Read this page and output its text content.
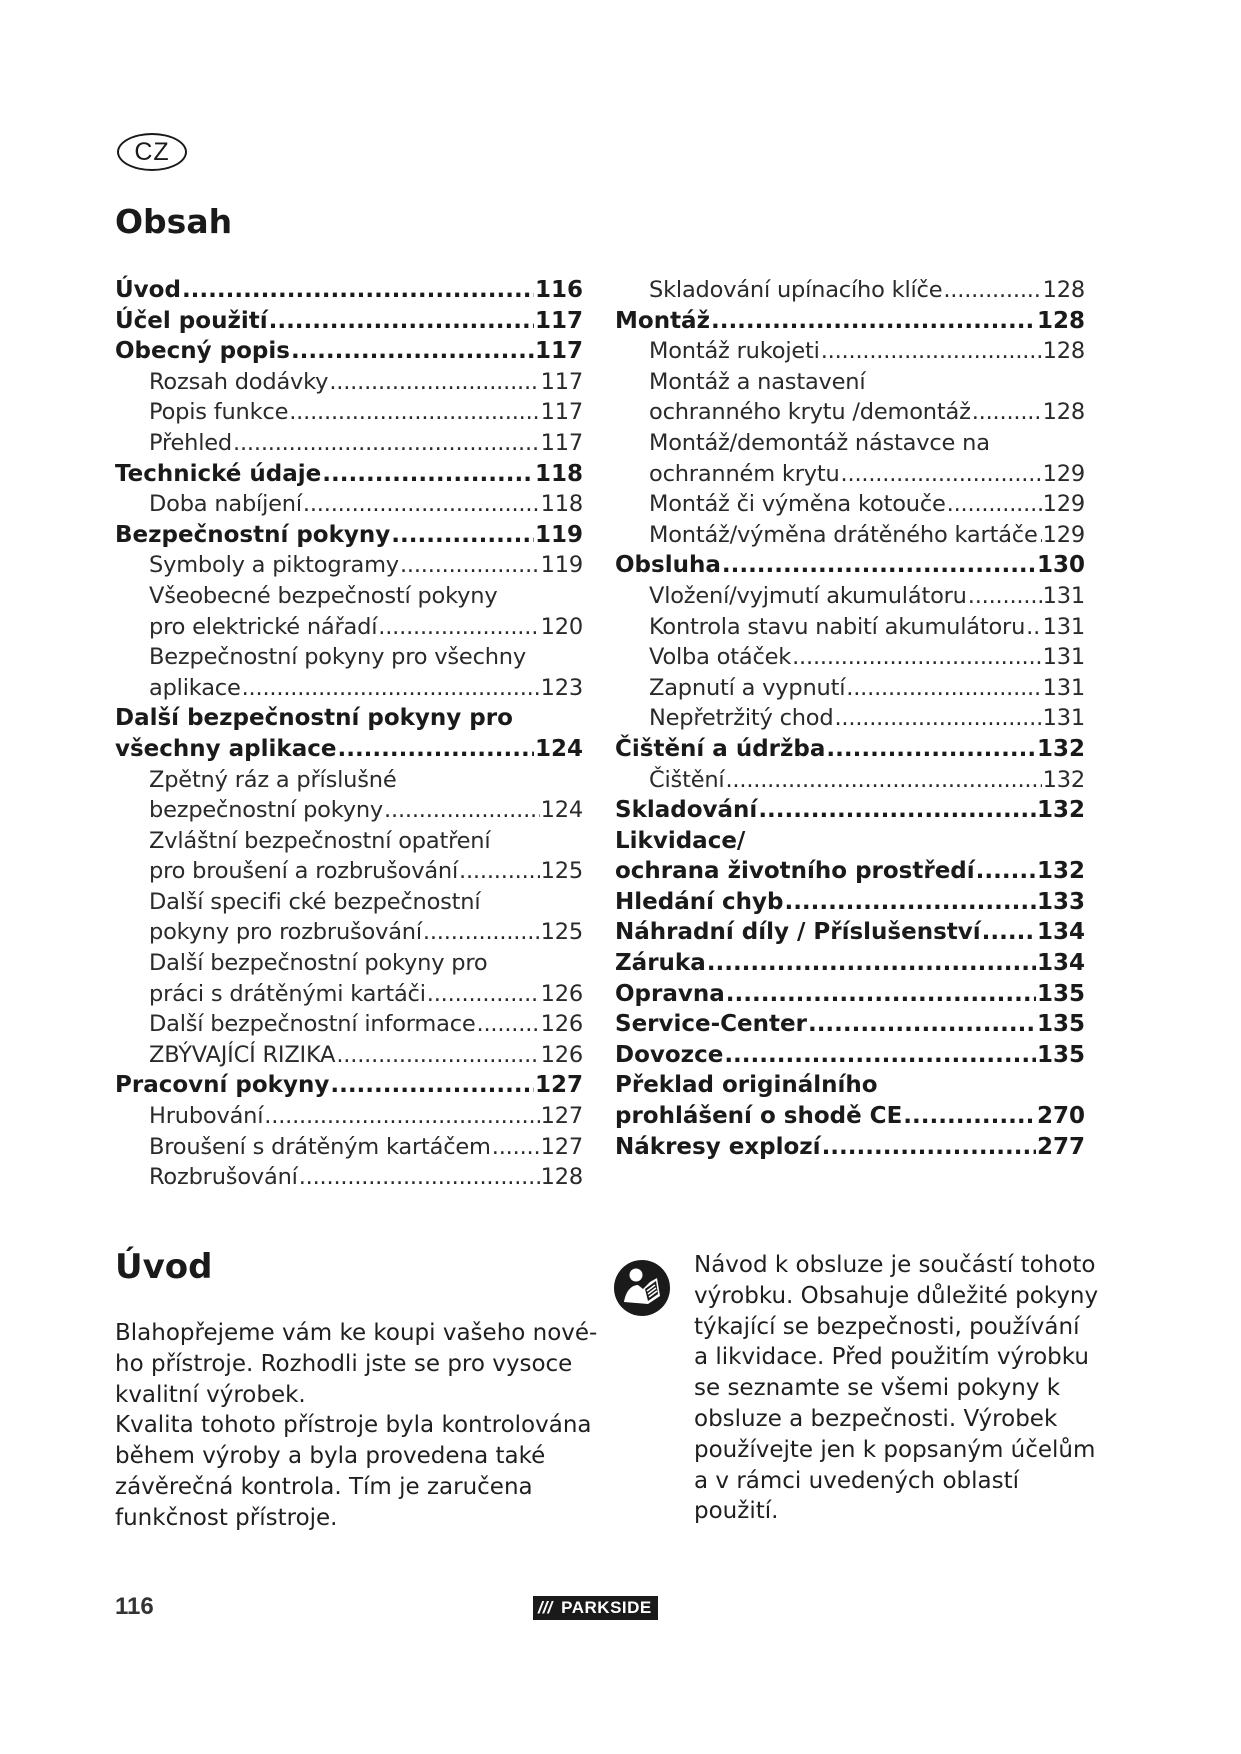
CZ
Obsah
Úvod .....	116
Účel použití .....	117
Obecný popis .....	117
Rozsah dodávky .....	117
Popis funkce .....	117
Přehled .....	117
Technické údaje .....	118
Doba nabíjení .....	118
Bezpečnostní pokyny .....	119
Symboly a piktogramy .....	119
Všeobecné bezpečností pokyny
pro elektrické nářadí .....	120
Bezpečnostní pokyny pro všechny
aplikace .....	123
Další bezpečnostní pokyny pro
všechny aplikace .....	124
Zpětný ráz a příslušné
bezpečnostní pokyny .....	124
Zvláštní bezpečnostní opatření
pro broušení a rozbrušování .....	125
Další specifi cké bezpečnostní
pokyny pro rozbrušování .....	125
Další bezpečnostní pokyny pro
práci s drátěnými kartáči .....	126
Další bezpečnostní informace .....	126
ZBÝVAJÍCÍ RIZIKA .....	126
Pracovní pokyny .....	127
Hrubování .....	127
Broušení s drátěným kartáčem ..... 127
Rozbrušování .....	128
Skladování upínacího klíče .....	128
Montáž .....	128
Montáž rukojeti .....	128
Montáž a nastavení
ochranného krytu /demontáž .....	128
Montáž/demontáž nástavce na
ochranném krytu .....	129
Montáž či výměna kotouče .....	129
Montáž/výměna drátěného kartáče ..... 129
Obsluha .....	130
Vložení/vyjmutí akumulátoru .....	131
Kontrola stavu nabití akumulátoru ..... 131
Volba otáček .....	131
Zapnutí a vypnutí .....	131
Nepřetržitý chod .....	131
Čištění a údržba .....	132
Čištění .....	132
Skladování .....	132
Likvidace/
ochrana životního prostředí .....	132
Hledání chyb .....	133
Náhradní díly / Příslušenství ..... 134
Záruka .....	134
Opravna .....	135
Service-Center .....	135
Dovozce .....	135
Překlad originálního
prohlášení o shodě CE .....	270
Nákresy explozí .....	277
Úvod
Blahopřejeme vám ke koupi vašeho nové-
ho přístroje. Rozhodli jste se pro vysoce
kvalitní výrobek.
Kvalita tohoto přístroje byla kontrolována
během výroby a byla provedena také
závěrečná kontrola. Tím je zaručena
funkčnost přístroje.
Návod k obsluze je součástí tohoto
výrobku. Obsahuje důležité pokyny
týkající se bezpečnosti, používání
a likvidace. Před použitím výrobku
se seznamte se všemi pokyny k
obsluze a bezpečnosti. Výrobek
používejte jen k popsaným účelům
a v rámci uvedených oblastí
použití.
116	/// PARKSIDE
